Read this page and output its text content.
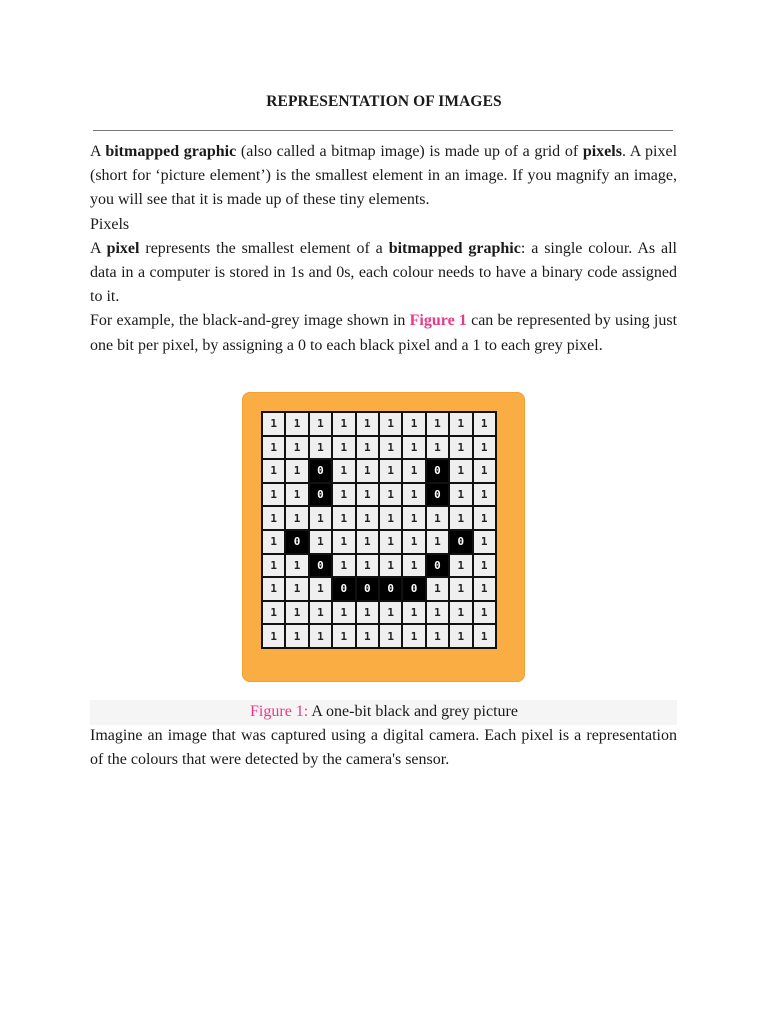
REPRESENTATION OF IMAGES

A bitmapped graphic (also called a bitmap image) is made up of a grid of pixels. A pixel (short for ‘picture element’) is the smallest element in an image. If you magnify an image, you will see that it is made up of these tiny elements.

Pixels

A pixel represents the smallest element of a bitmapped graphic: a single colour. As all data in a computer is stored in 1s and 0s, each colour needs to have a binary code assigned to it.

For example, the black-and-grey image shown in Figure 1 can be represented by using just one bit per pixel, by assigning a 0 to each black pixel and a 1 to each grey pixel.

1	1	1	1	1	1	1	1	1	1
1	1	1	1	1	1	1	1	1	1
1	1	0	1	1	1	1	0	1	1
1	1	0	1	1	1	1	0	1	1
1	1	1	1	1	1	1	1	1	1
1	0	1	1	1	1	1	1	0	1
1	1	0	1	1	1	1	0	1	1
1	1	1	0	0	0	0	1	1	1
1	1	1	1	1	1	1	1	1	1
1	1	1	1	1	1	1	1	1	1
Figure 1: A one-bit black and grey picture

Imagine an image that was captured using a digital camera. Each pixel is a representation of the colours that were detected by the camera's sensor.
